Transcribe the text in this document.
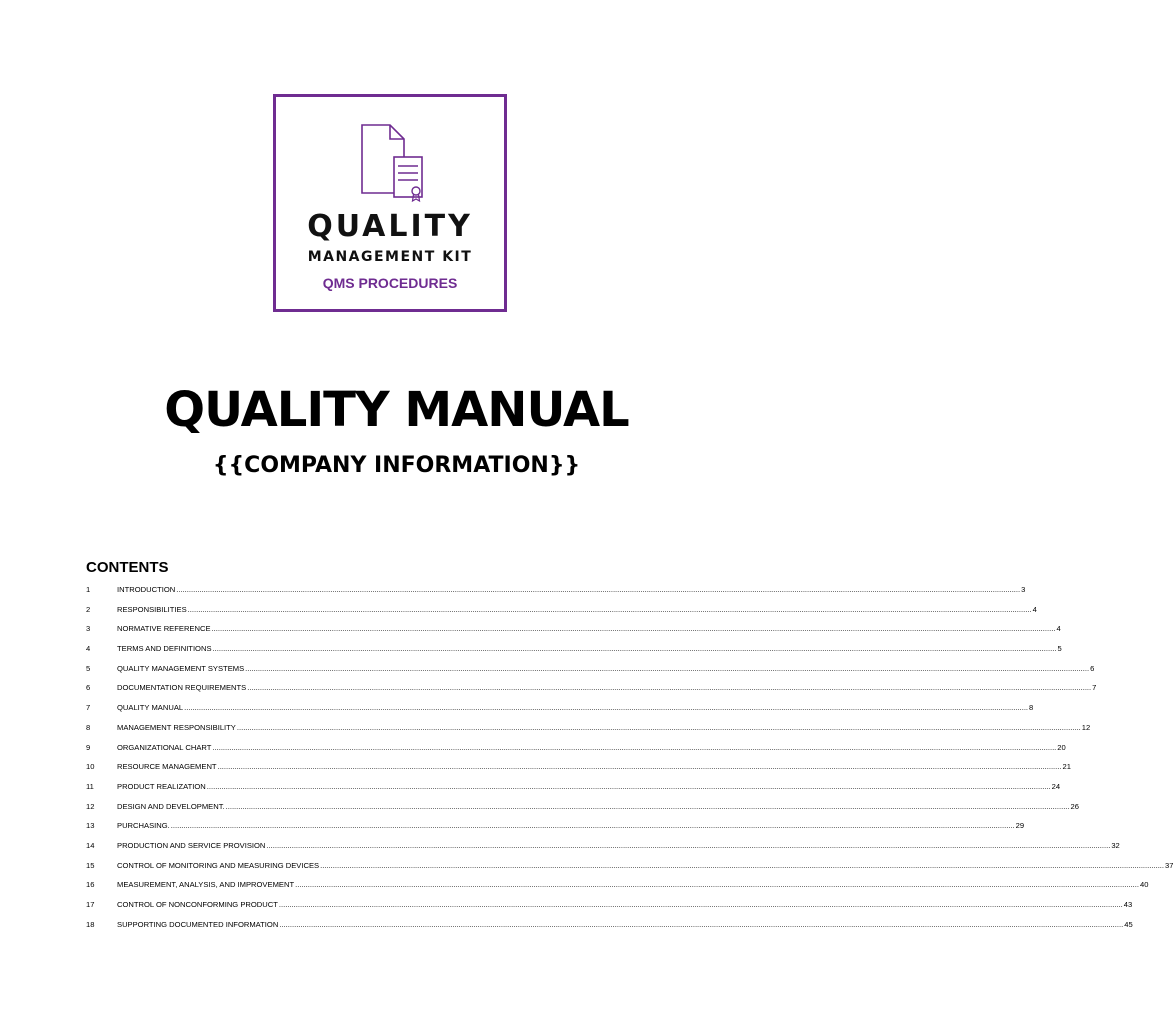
QUALITY
MANAGEMENT KIT
QMS PROCEDURES
QUALITY MANUAL
{{COMPANY INFORMATION}}
CONTENTS
1	INTRODUCTION ................................................................................................................................................................................................................................................................................................................................................................................................................ 3
2	RESPONSIBILITIES ................................................................................................................................................................................................................................................................................................................................................................................................................ 4
3	NORMATIVE REFERENCE ................................................................................................................................................................................................................................................................................................................................................................................................................ 4
4	TERMS AND DEFINITIONS ................................................................................................................................................................................................................................................................................................................................................................................................................ 5
5	QUALITY MANAGEMENT SYSTEMS ................................................................................................................................................................................................................................................................................................................................................................................................................ 6
6	DOCUMENTATION REQUIREMENTS ................................................................................................................................................................................................................................................................................................................................................................................................................ 7
7	QUALITY MANUAL ................................................................................................................................................................................................................................................................................................................................................................................................................ 8
8	MANAGEMENT RESPONSIBILITY ................................................................................................................................................................................................................................................................................................................................................................................................................ 12
9	ORGANIZATIONAL CHART ................................................................................................................................................................................................................................................................................................................................................................................................................ 20
10	RESOURCE MANAGEMENT ................................................................................................................................................................................................................................................................................................................................................................................................................ 21
11	PRODUCT REALIZATION ................................................................................................................................................................................................................................................................................................................................................................................................................ 24
12	DESIGN AND DEVELOPMENT. ................................................................................................................................................................................................................................................................................................................................................................................................................ 26
13	PURCHASING. ................................................................................................................................................................................................................................................................................................................................................................................................................ 29
14	PRODUCTION AND SERVICE PROVISION ................................................................................................................................................................................................................................................................................................................................................................................................................ 32
15	CONTROL OF MONITORING AND MEASURING DEVICES ................................................................................................................................................................................................................................................................................................................................................................................................................ 37
16	MEASUREMENT, ANALYSIS, AND IMPROVEMENT ................................................................................................................................................................................................................................................................................................................................................................................................................ 40
17	CONTROL OF NONCONFORMING PRODUCT ................................................................................................................................................................................................................................................................................................................................................................................................................ 43
18	SUPPORTING DOCUMENTED INFORMATION ................................................................................................................................................................................................................................................................................................................................................................................................................ 45
